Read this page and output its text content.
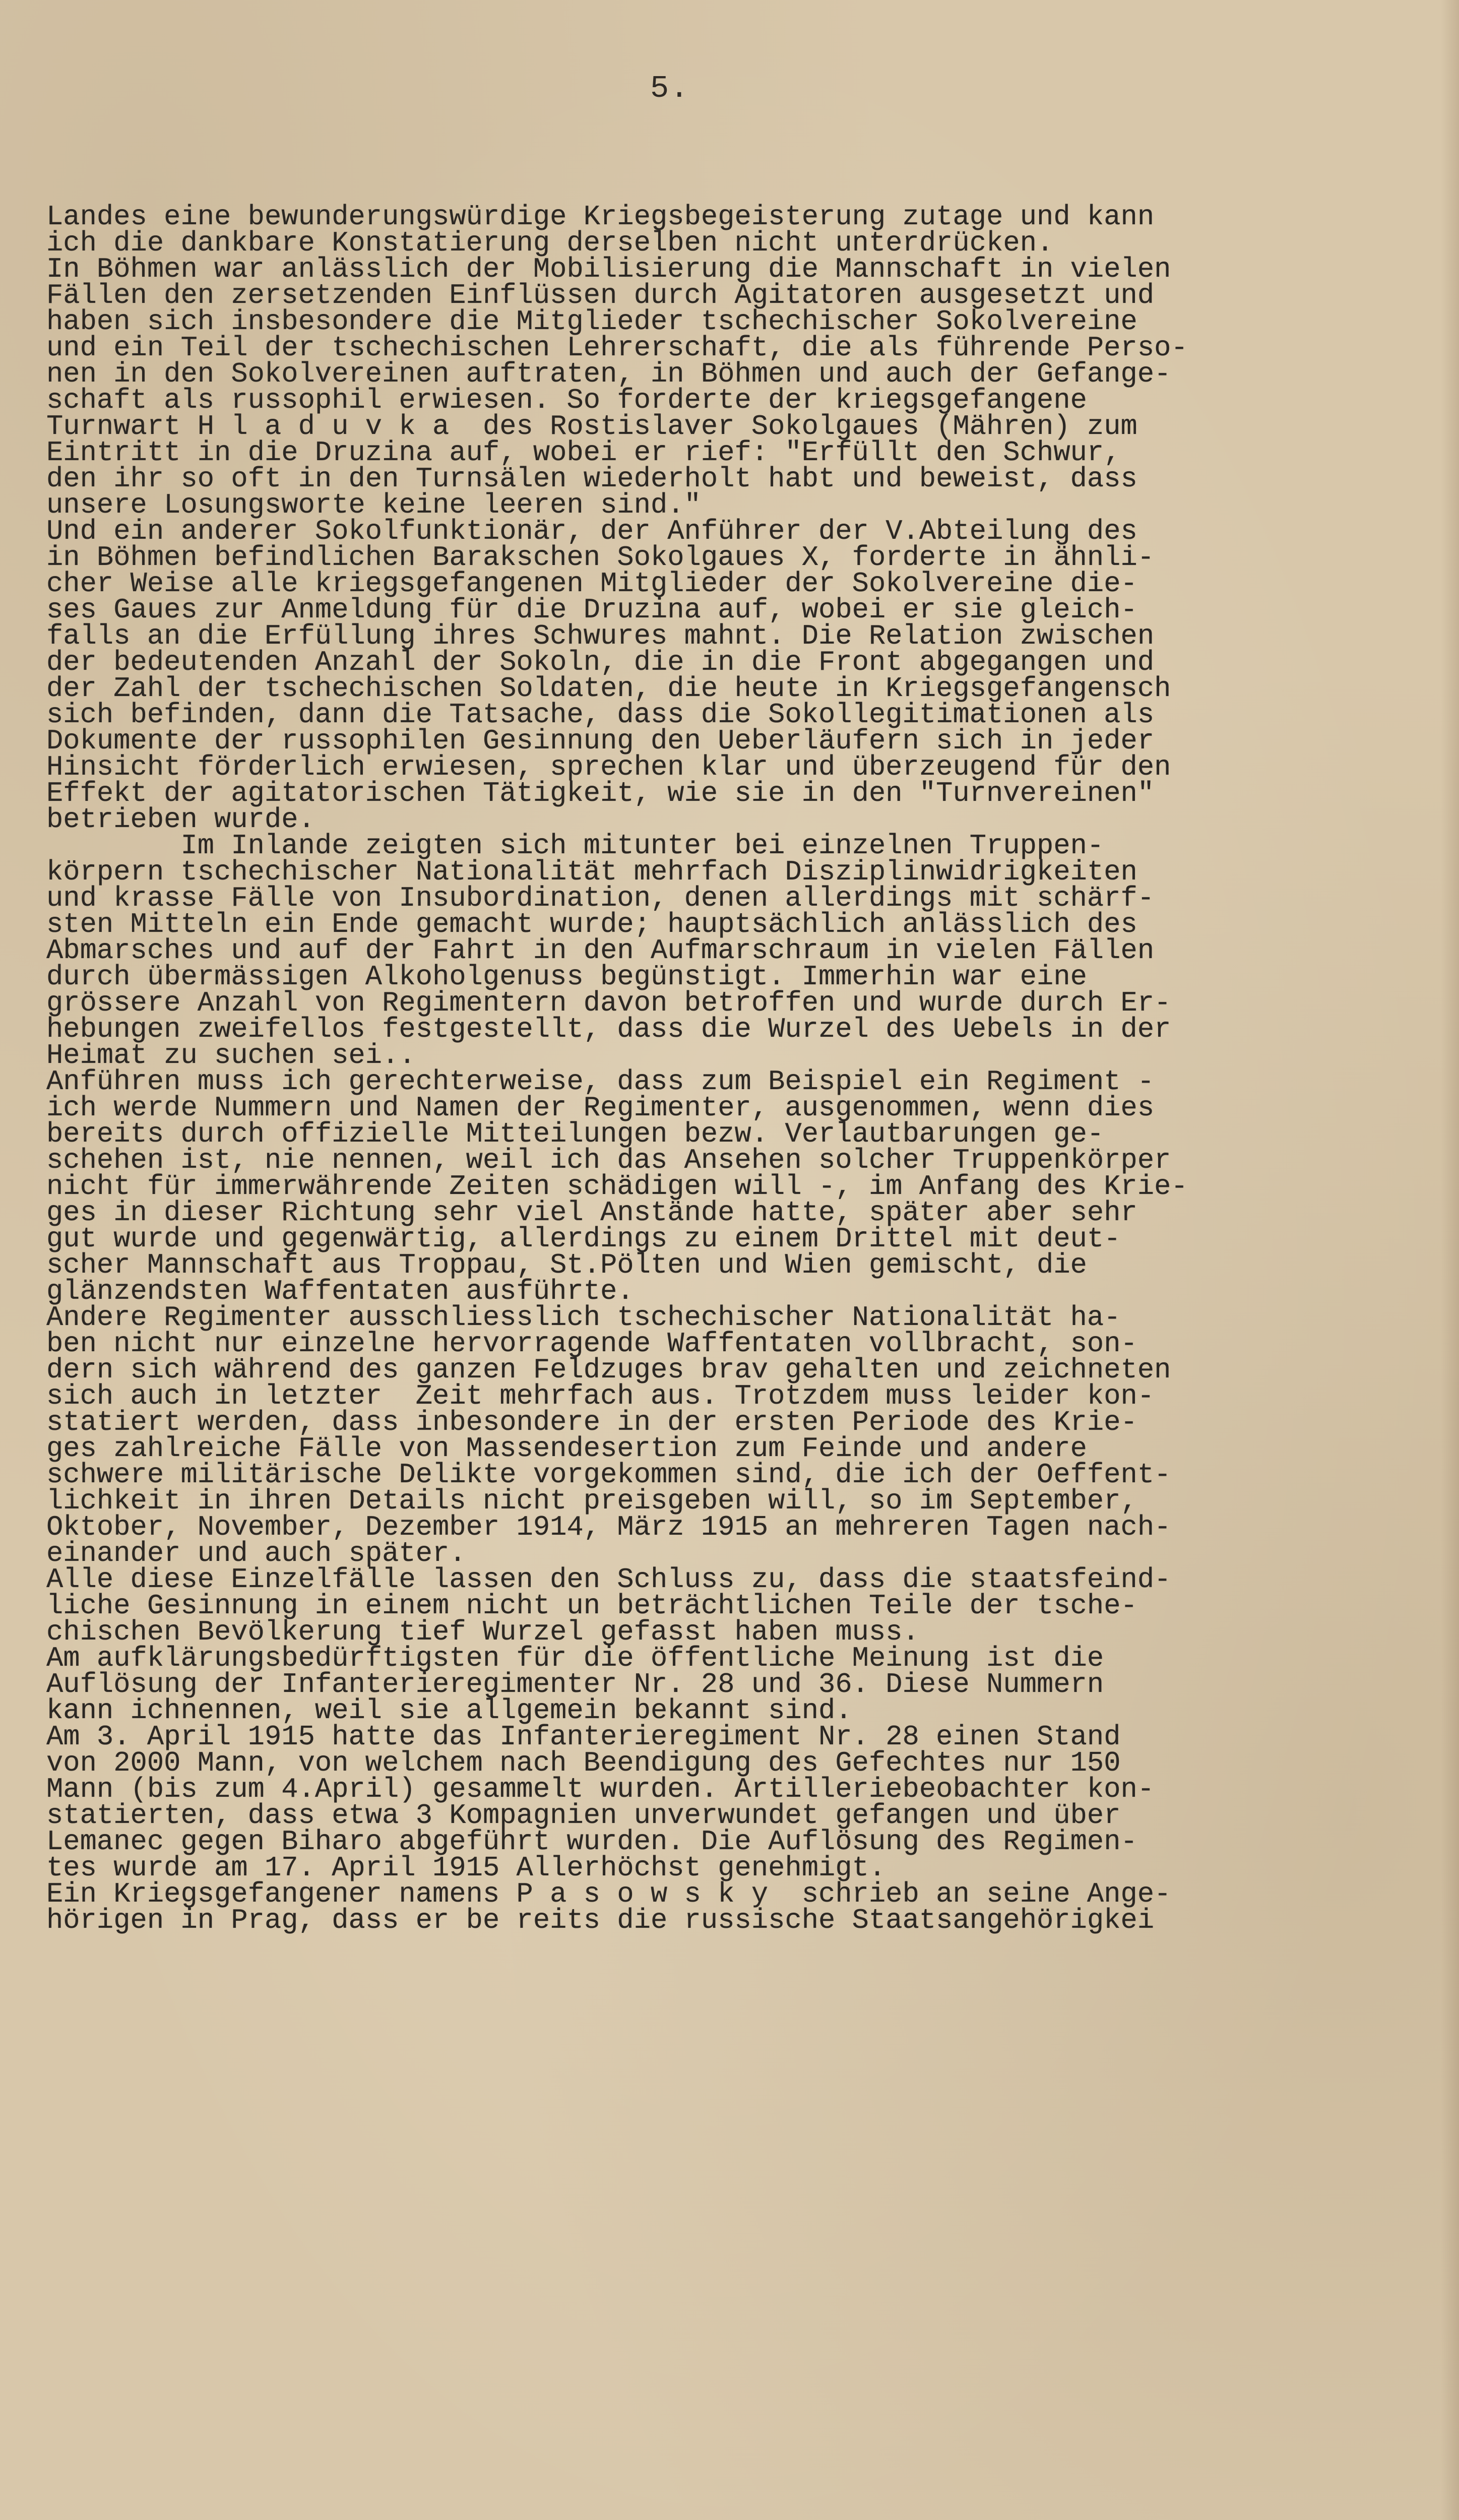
5.
Landes eine bewunderungswürdige Kriegsbegeisterung zutage und kann
ich die dankbare Konstatierung derselben nicht unterdrücken.
In Böhmen war anlässlich der Mobilisierung die Mannschaft in vielen
Fällen den zersetzenden Einflüssen durch Agitatoren ausgesetzt und
haben sich insbesondere die Mitglieder tschechischer Sokolvereine
und ein Teil der tschechischen Lehrerschaft, die als führende Perso-
nen in den Sokolvereinen auftraten, in Böhmen und auch der Gefange-
schaft als russophil erwiesen. So forderte der kriegsgefangene
Turnwart H l a d u v k a  des Rostislaver Sokolgaues (Mähren) zum
Eintritt in die Druzina auf, wobei er rief: "Erfüllt den Schwur,
den ihr so oft in den Turnsälen wiederholt habt und beweist, dass
unsere Losungsworte keine leeren sind."
Und ein anderer Sokolfunktionär, der Anführer der V.Abteilung des
in Böhmen befindlichen Barakschen Sokolgaues X, forderte in ähnli-
cher Weise alle kriegsgefangenen Mitglieder der Sokolvereine die-
ses Gaues zur Anmeldung für die Druzina auf, wobei er sie gleich-
falls an die Erfüllung ihres Schwures mahnt. Die Relation zwischen
der bedeutenden Anzahl der Sokoln, die in die Front abgegangen und
der Zahl der tschechischen Soldaten, die heute in Kriegsgefangensch
sich befinden, dann die Tatsache, dass die Sokollegitimationen als
Dokumente der russophilen Gesinnung den Ueberläufern sich in jeder
Hinsicht förderlich erwiesen, sprechen klar und überzeugend für den
Effekt der agitatorischen Tätigkeit, wie sie in den "Turnvereinen"
betrieben wurde.
Im Inlande zeigten sich mitunter bei einzelnen Truppen-
körpern tschechischer Nationalität mehrfach Disziplinwidrigkeiten
und krasse Fälle von Insubordination, denen allerdings mit schärf-
sten Mitteln ein Ende gemacht wurde; hauptsächlich anlässlich des
Abmarsches und auf der Fahrt in den Aufmarschraum in vielen Fällen
durch übermässigen Alkoholgenuss begünstigt. Immerhin war eine
grössere Anzahl von Regimentern davon betroffen und wurde durch Er-
hebungen zweifellos festgestellt, dass die Wurzel des Uebels in der
Heimat zu suchen sei..
Anführen muss ich gerechterweise, dass zum Beispiel ein Regiment -
ich werde Nummern und Namen der Regimenter, ausgenommen, wenn dies
bereits durch offizielle Mitteilungen bezw. Verlautbarungen ge-
schehen ist, nie nennen, weil ich das Ansehen solcher Truppenkörper
nicht für immerwährende Zeiten schädigen will -, im Anfang des Krie-
ges in dieser Richtung sehr viel Anstände hatte, später aber sehr
gut wurde und gegenwärtig, allerdings zu einem Drittel mit deut-
scher Mannschaft aus Troppau, St.Pölten und Wien gemischt, die
glänzendsten Waffentaten ausführte.
Andere Regimenter ausschliesslich tschechischer Nationalität ha-
ben nicht nur einzelne hervorragende Waffentaten vollbracht, son-
dern sich während des ganzen Feldzuges brav gehalten und zeichneten
sich auch in letzter  Zeit mehrfach aus. Trotzdem muss leider kon-
statiert werden, dass inbesondere in der ersten Periode des Krie-
ges zahlreiche Fälle von Massendesertion zum Feinde und andere
schwere militärische Delikte vorgekommen sind, die ich der Oeffent-
lichkeit in ihren Details nicht preisgeben will, so im September,
Oktober, November, Dezember 1914, März 1915 an mehreren Tagen nach-
einander und auch später.
Alle diese Einzelfälle lassen den Schluss zu, dass die staatsfeind-
liche Gesinnung in einem nicht un beträchtlichen Teile der tsche-
chischen Bevölkerung tief Wurzel gefasst haben muss.
Am aufklärungsbedürftigsten für die öffentliche Meinung ist die
Auflösung der Infanterieregimenter Nr. 28 und 36. Diese Nummern
kann ichnennen, weil sie allgemein bekannt sind.
Am 3. April 1915 hatte das Infanterieregiment Nr. 28 einen Stand
von 2000 Mann, von welchem nach Beendigung des Gefechtes nur 150
Mann (bis zum 4.April) gesammelt wurden. Artilleriebeobachter kon-
statierten, dass etwa 3 Kompagnien unverwundet gefangen und über
Lemanec gegen Biharo abgeführt wurden. Die Auflösung des Regimen-
tes wurde am 17. April 1915 Allerhöchst genehmigt.
Ein Kriegsgefangener namens P a s o w s k y  schrieb an seine Ange-
hörigen in Prag, dass er be reits die russische Staatsangehörigkei
